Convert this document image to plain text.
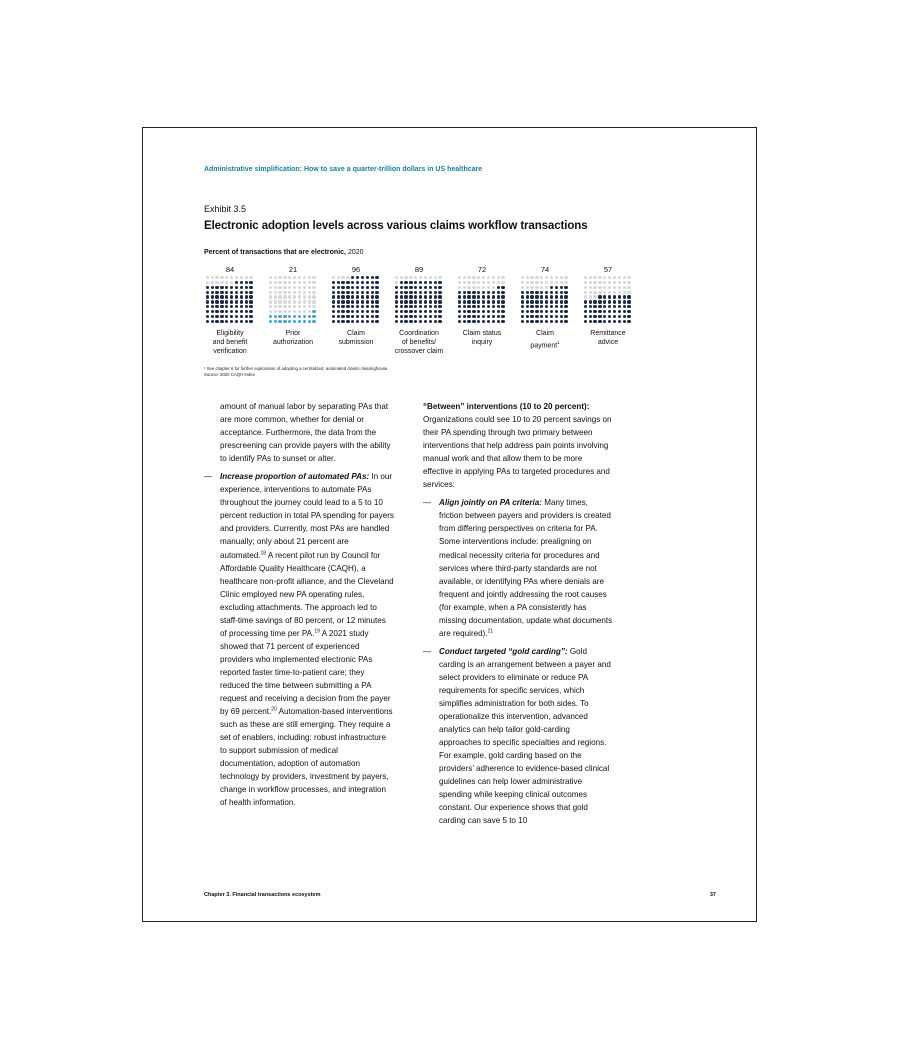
Administrative simplification: How to save a quarter-trillion dollars in US healthcare
Exhibit 3.5
Electronic adoption levels across various claims workflow transactions
Percent of transactions that are electronic, 2020
84
Eligibility
and benefit
verification
21
Prior
authorization
96
Claim
submission
89
Coordination
of benefits/
crossover claim
72
Claim status
inquiry
74
Claim
payment$^1$
57
Remittance
advice
¹ See chapter 6 for further exploration of adopting a centralized, automated claims clearinghouse.
Source: 2020 CAQH Index

amount of manual labor by separating PAs that are more common, whether for denial or acceptance. Furthermore, the data from the prescreening can provide payers with the ability to identify PAs to sunset or alter.

— Increase proportion of automated PAs: In our experience, interventions to automate PAs throughout the journey could lead to a 5 to 10 percent reduction in total PA spending for payers and providers. Currently, most PAs are handled manually; only about 21 percent are automated.$^{18}$ A recent pilot run by Council for Affordable Quality Healthcare (CAQH), a healthcare non-profit alliance, and the Cleveland Clinic employed new PA operating rules, excluding attachments. The approach led to staff-time savings of 80 percent, or 12 minutes of processing time per PA.$^{19}$ A 2021 study showed that 71 percent of experienced providers who implemented electronic PAs reported faster time-to-patient care; they reduced the time between submitting a PA request and receiving a decision from the payer by 69 percent.$^{20}$ Automation-based interventions such as these are still emerging. They require a set of enablers, including: robust infrastructure to support submission of medical documentation, adoption of automation technology by providers, investment by payers, change in workflow processes, and integration of health information.

“Between” interventions (10 to 20 percent): Organizations could see 10 to 20 percent savings on their PA spending through two primary between interventions that help address pain points involving manual work and that allow them to be more effective in applying PAs to targeted procedures and services:

— Align jointly on PA criteria: Many times, friction between payers and providers is created from differing perspectives on criteria for PA. Some interventions include: prealigning on medical necessity criteria for procedures and services where third-party standards are not available, or identifying PAs where denials are frequent and jointly addressing the root causes (for example, when a PA consistently has missing documentation, update what documents are required).$^{21}$

— Conduct targeted “gold carding”: Gold carding is an arrangement between a payer and select providers to eliminate or reduce PA requirements for specific services, which simplifies administration for both sides. To operationalize this intervention, advanced analytics can help tailor gold-carding approaches to specific specialties and regions. For example, gold carding based on the providers’ adherence to evidence-based clinical guidelines can help lower administrative spending while keeping clinical outcomes constant. Our experience shows that gold carding can save 5 to 10

Chapter 3. Financial transactions ecosystem	37
